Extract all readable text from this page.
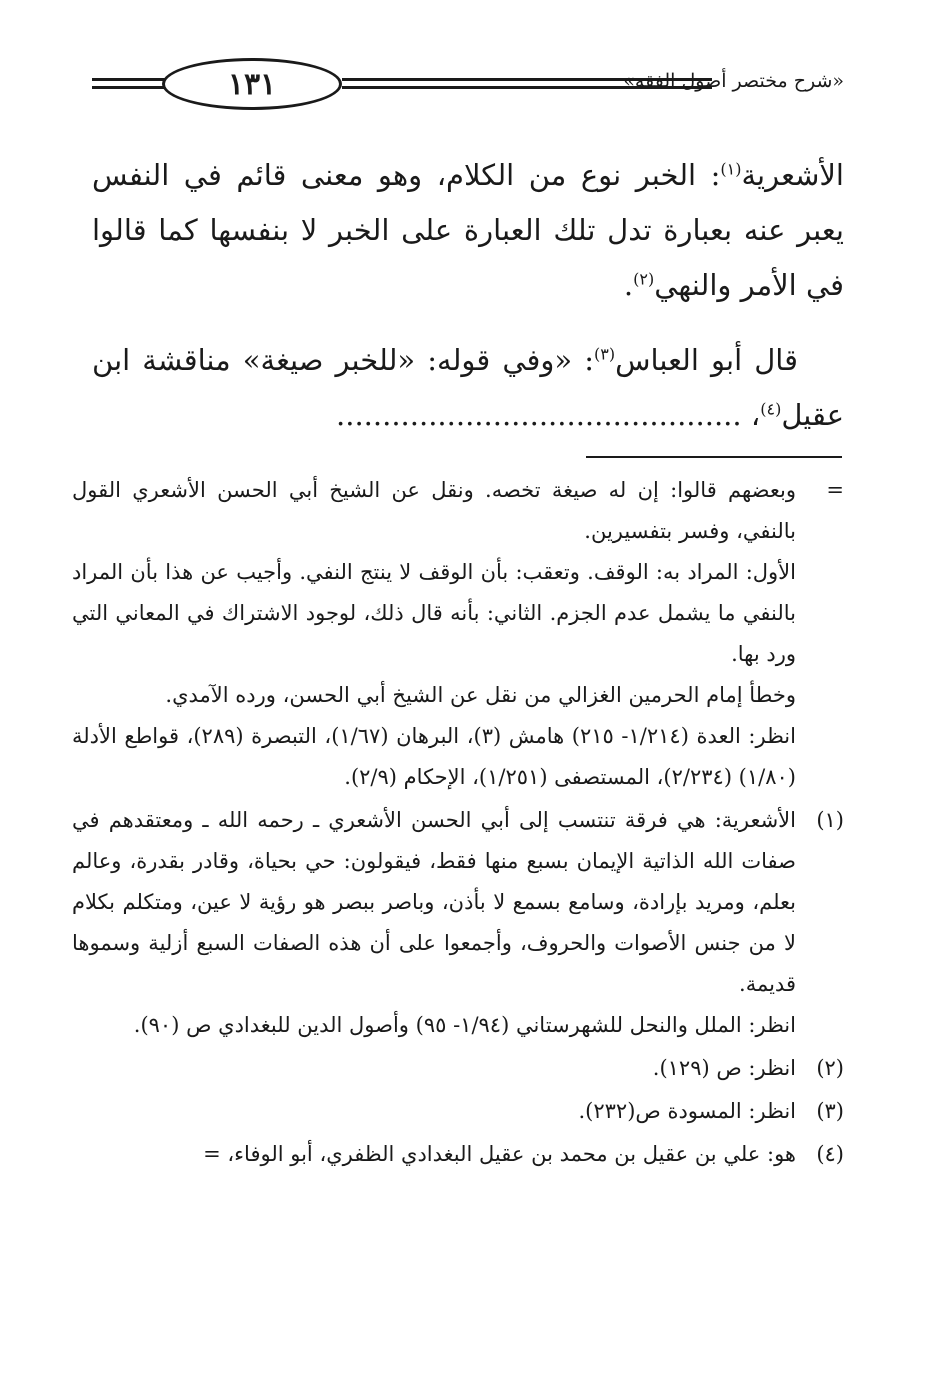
١٣١	«شرح مختصر أصول الفقه»

الأشعرية$^{(١)}$: الخبر نوع من الكلام، وهو معنى قائم في النفس يعبر عنه بعبارة تدل تلك العبارة على الخبر لا بنفسها كما قالوا في الأمر والنهي$^{(٢)}$.

قال أبو العباس$^{(٣)}$: «وفي قوله: «للخبر صيغة» مناقشة ابن عقيل$^{(٤)}$، ............................................

=
وبعضهم قالوا: إن له صيغة تخصه. ونقل عن الشيخ أبي الحسن الأشعري القول بالنفي، وفسر بتفسيرين.
الأول: المراد به: الوقف. وتعقب: بأن الوقف لا ينتج النفي. وأجيب عن هذا بأن المراد بالنفي ما يشمل عدم الجزم. الثاني: بأنه قال ذلك، لوجود الاشتراك في المعاني التي ورد بها.
وخطأ إمام الحرمين الغزالي من نقل عن الشيخ أبي الحسن، ورده الآمدي.
انظر: العدة (١/٢١٤- ٢١٥) هامش (٣)، البرهان (١/٦٧)، التبصرة (٢٨٩)، قواطع الأدلة (١/٨٠) (٢/٢٣٤)، المستصفى (١/٢٥١)، الإحكام (٢/٩).
(١)
الأشعرية: هي فرقة تنتسب إلى أبي الحسن الأشعري ـ رحمه الله ـ ومعتقدهم في صفات الله الذاتية الإيمان بسبع منها فقط، فيقولون: حي بحياة، وقادر بقدرة، وعالم بعلم، ومريد بإرادة، وسامع بسمع لا بأذن، وباصر ببصر هو رؤية لا عين، ومتكلم بكلام لا من جنس الأصوات والحروف، وأجمعوا على أن هذه الصفات السبع أزلية وسموها قديمة.
انظر: الملل والنحل للشهرستاني (١/٩٤- ٩٥) وأصول الدين للبغدادي ص (٩٠).
(٢)
انظر: ص (١٢٩).
(٣)
انظر: المسودة ص(٢٣٢).
(٤)
هو: علي بن عقيل بن محمد بن عقيل البغدادي الظفري، أبو الوفاء، =
